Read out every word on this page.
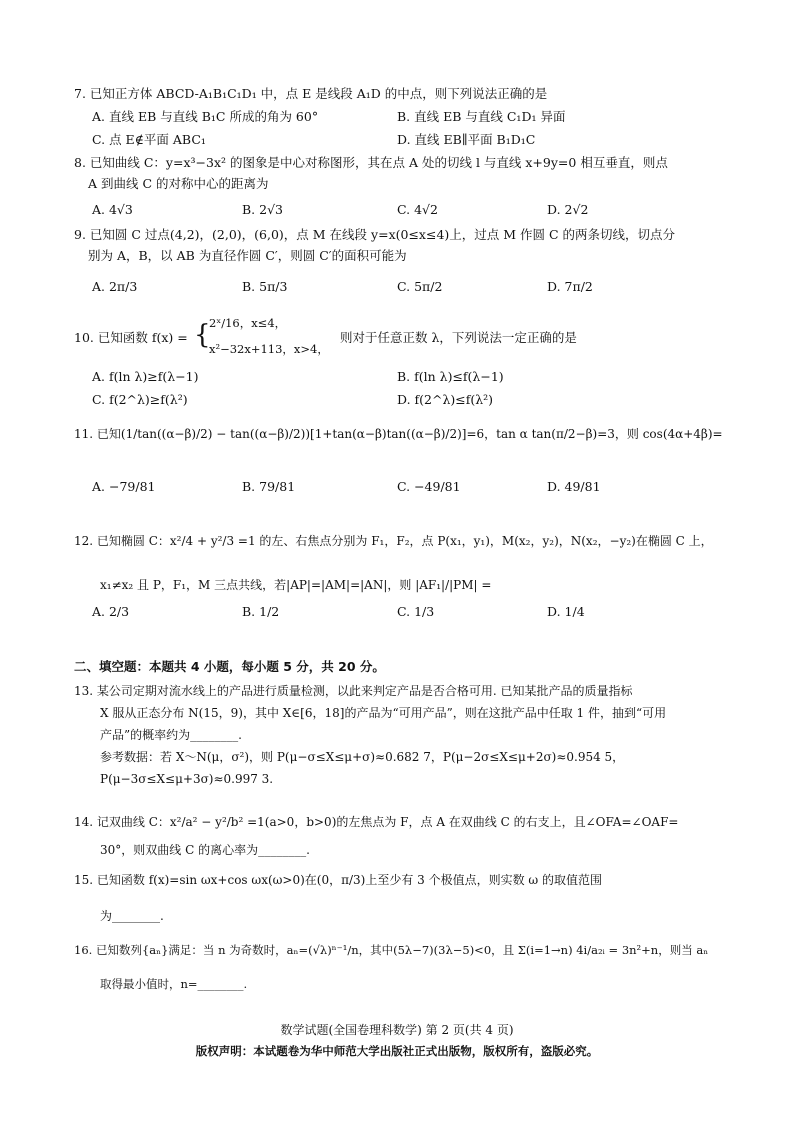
7. 已知正方体 ABCD-A₁B₁C₁D₁ 中，点 E 是线段 A₁D 的中点，则下列说法正确的是
A. 直线 EB 与直线 B₁C 所成的角为 60°	B. 直线 EB 与直线 C₁D₁ 异面
C. 点 E∉平面 ABC₁	D. 直线 EB∥平面 B₁D₁C
8. 已知曲线 C：y=x³−3x² 的图象是中心对称图形，其在点 A 处的切线 l 与直线 x+9y=0 相互垂直，则点
A 到曲线 C 的对称中心的距离为
A. 4√3	B. 2√3	C. 4√2	D. 2√2
9. 已知圆 C 过点(4,2)，(2,0)，(6,0)，点 M 在线段 y=x(0≤x≤4)上，过点 M 作圆 C 的两条切线，切点分
别为 A，B，以 AB 为直径作圆 C′，则圆 C′的面积可能为
A. 2π/3	B. 5π/3	C. 5π/2	D. 7π/2
10. 已知函数 f(x) = {
2ˣ/16，x≤4，
x²−32x+113，x>4，
则对于任意正数 λ，下列说法一定正确的是
A. f(ln λ)≥f(λ−1)	B. f(ln λ)≤f(λ−1)
C. f(2^λ)≥f(λ²)	D. f(2^λ)≤f(λ²)
11. 已知(1/tan((α−β)/2) − tan((α−β)/2))[1+tan(α−β)tan((α−β)/2)]=6，tan α tan(π/2−β)=3，则 cos(4α+4β)=
A. −79/81	B. 79/81	C. −49/81	D. 49/81
12. 已知椭圆 C：x²/4 + y²/3 =1 的左、右焦点分别为 F₁，F₂，点 P(x₁，y₁)，M(x₂，y₂)，N(x₂，−y₂)在椭圆 C 上，
x₁≠x₂ 且 P，F₁，M 三点共线，若|AP|=|AM|=|AN|，则 |AF₁|/|PM| =
A. 2/3	B. 1/2	C. 1/3	D. 1/4
二、填空题：本题共 4 小题，每小题 5 分，共 20 分。
13. 某公司定期对流水线上的产品进行质量检测，以此来判定产品是否合格可用. 已知某批产品的质量指标
X 服从正态分布 N(15，9)，其中 X∈[6，18]的产品为“可用产品”，则在这批产品中任取 1 件，抽到“可用
产品”的概率约为________.
参考数据：若 X～N(μ，σ²)，则 P(μ−σ≤X≤μ+σ)≈0.682 7，P(μ−2σ≤X≤μ+2σ)≈0.954 5，
P(μ−3σ≤X≤μ+3σ)≈0.997 3.
14. 记双曲线 C：x²/a² − y²/b² =1(a>0，b>0)的左焦点为 F，点 A 在双曲线 C 的右支上，且∠OFA=∠OAF=
30°，则双曲线 C 的离心率为________.
15. 已知函数 f(x)=sin ωx+cos ωx(ω>0)在(0，π/3)上至少有 3 个极值点，则实数 ω 的取值范围
为________.
16. 已知数列{aₙ}满足：当 n 为奇数时，aₙ=(√λ)ⁿ⁻¹/n，其中(5λ−7)(3λ−5)<0，且 Σ(i=1→n) 4i/a₂ᵢ = 3n²+n，则当 aₙ
取得最小值时，n=________.
数学试题(全国卷理科数学) 第 2 页(共 4 页)
版权声明：本试题卷为华中师范大学出版社正式出版物，版权所有，盗版必究。
